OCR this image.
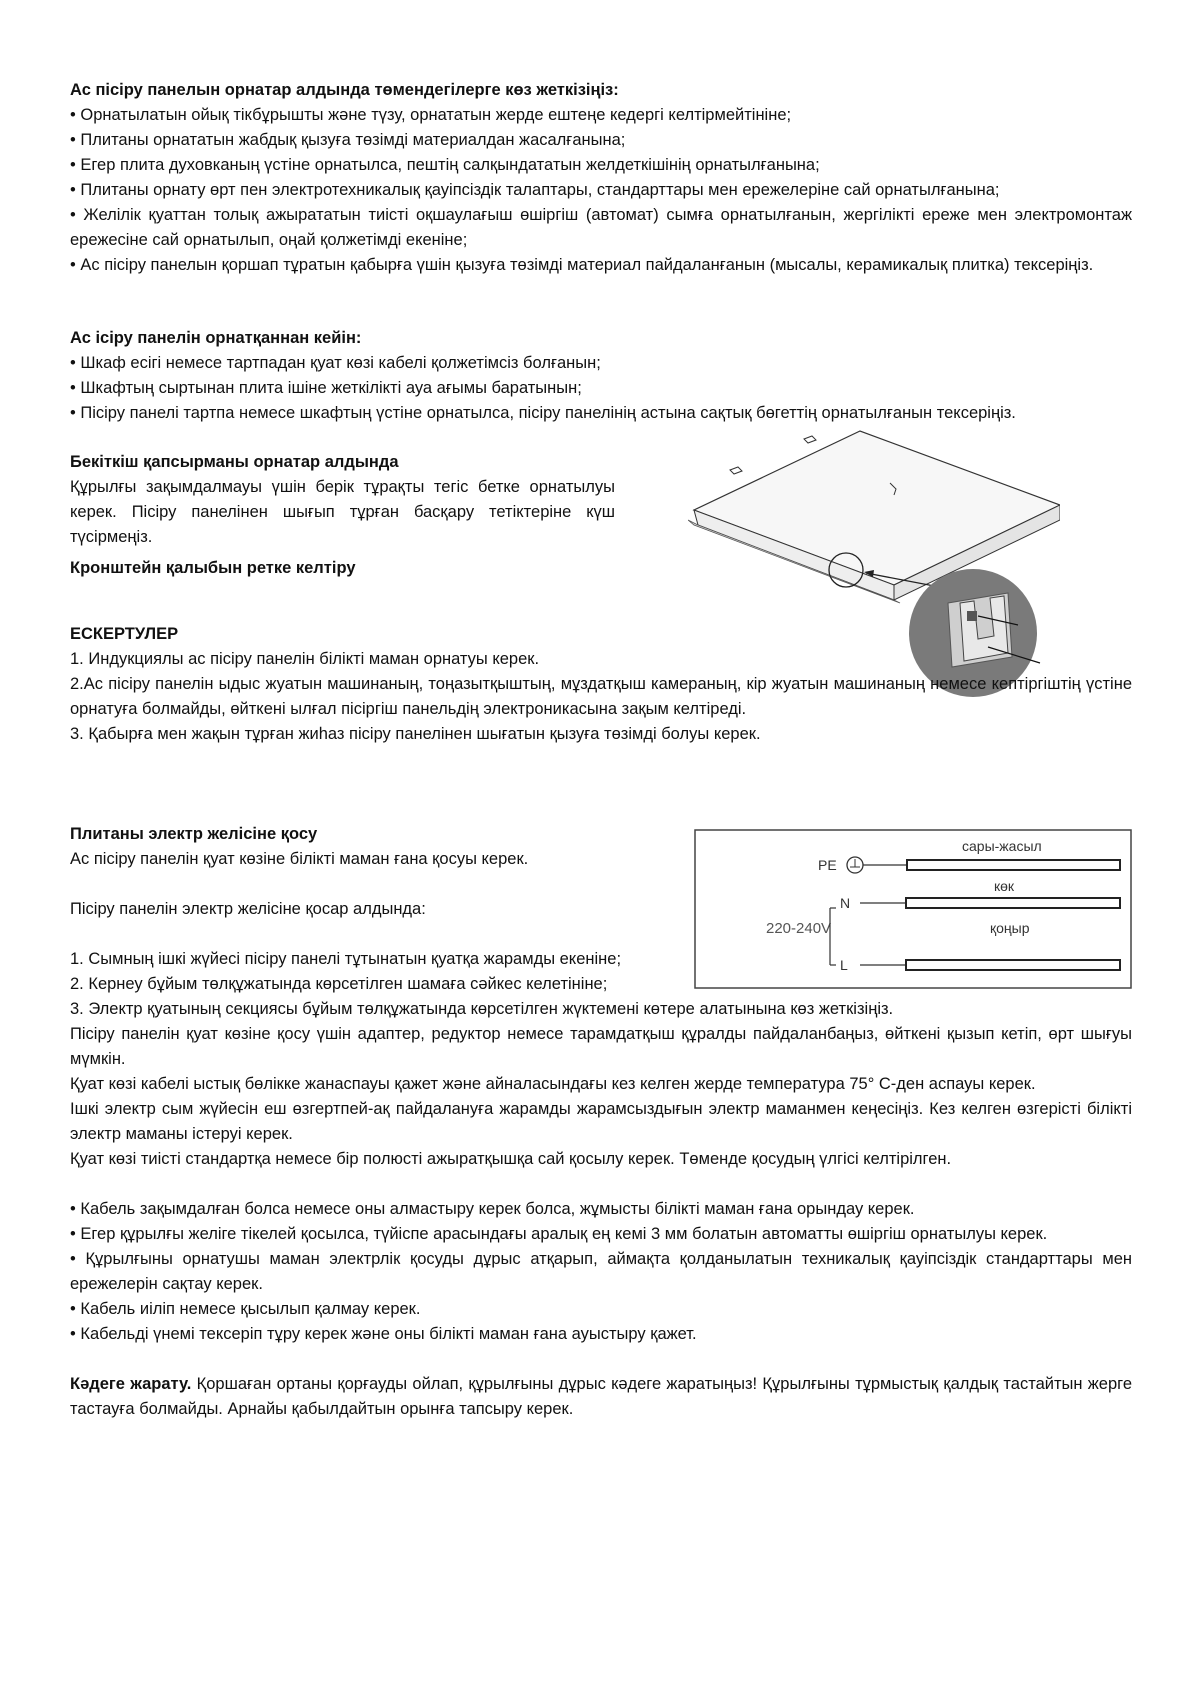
Ас пісіру панелын орнатар алдында төмендегілерге көз жеткізіңіз:

• Орнатылатын ойық тікбұрышты және түзу, орнататын жерде ештеңе кедергі келтірмейтініне;

• Плитаны орнататын жабдық қызуға төзімді материалдан жасалғанына;

• Егер плита духовканың үстіне орнатылса, пештің салқындататын желдеткішінің орнатылғанына;

• Плитаны орнату өрт пен электротехникалық қауіпсіздік талаптары, стандарттары мен ережелеріне сай орнатылғанына;

• Желілік қуаттан толық ажырататын тиісті оқшаулағыш өшіргіш (автомат) сымға орнатылғанын, жергілікті ереже мен электромонтаж ережесіне сай орнатылып, оңай қолжетімді екеніне;

• Ас пісіру панелын қоршап тұратын қабырға үшін қызуға төзімді материал пайдаланғанын (мысалы, керамикалық плитка) тексеріңіз.

Ас ісіру панелін орнатқаннан кейін:

• Шкаф есігі немесе тартпадан қуат көзі кабелі қолжетімсіз болғанын;

• Шкафтың сыртынан плита ішіне жеткілікті ауа ағымы баратынын;

• Пісіру панелі тартпа немесе шкафтың үстіне орнатылса, пісіру панелінің астына сақтық бөгеттің орнатылғанын тексеріңіз.

Бекіткіш қапсырманы орнатар алдында

Құрылғы зақымдалмауы үшін берік тұрақты тегіс бетке орнатылуы керек. Пісіру панелінен шығып тұрған басқару тетіктеріне күш түсірмеңіз.

Кронштейн қалыбын ретке келтіру

ЕСКЕРТУЛЕР

1. Индукциялы ас пісіру панелін білікті маман орнатуы керек.

2.Ас пісіру панелін ыдыс жуатын машинаның, тоңазытқыштың, мұздатқыш камераның, кір жуатын машинаның немесе кептіргіштің үстіне орнатуға болмайды, өйткені ылғал пісіргіш панельдің электроникасына зақым келтіреді.

3. Қабырға мен жақын тұрған жиһаз пісіру панелінен шығатын қызуға төзімді болуы керек.

Плитаны электр желісіне қосу

Ас пісіру панелін қуат көзіне білікті маман ғана қосуы керек.

Пісіру панелін электр желісіне қосар алдында:

1. Сымның ішкі жүйесі пісіру панелі тұтынатын қуатқа жарамды екеніне;

2. Кернеу бұйым төлқұжатында көрсетілген шамаға сәйкес келетініне;

3. Электр қуатының секциясы бұйым төлқұжатында көрсетілген жүктемені көтере алатынына көз жеткізіңіз.

Пісіру панелін қуат көзіне қосу үшін адаптер, редуктор немесе тарамдатқыш құралды пайдаланбаңыз, өйткені қызып кетіп, өрт шығуы мүмкін.

Қуат көзі кабелі ыстық бөлікке жанаспауы қажет және айналасындағы кез келген жерде температура 75° С-ден аспауы керек.

Ішкі электр сым жүйесін еш өзгертпей-ақ пайдалануға жарамды жарамсыздығын электр маманмен кеңесіңіз. Кез келген өзгерісті білікті электр маманы істеруі керек.

Қуат көзі тиісті стандартқа немесе бір полюсті ажыратқышқа сай қосылу керек. Төменде қосудың үлгісі келтірілген.

• Кабель зақымдалған болса немесе оны алмастыру керек болса, жұмысты білікті маман ғана орындау керек.

• Егер құрылғы желіге тікелей қосылса, түйіспе арасындағы аралық ең кемі 3 мм болатын автоматты өшіргіш орнатылуы керек.

• Құрылғыны орнатушы маман электрлік қосуды дұрыс атқарып, аймақта қолданылатын техникалық қауіпсіздік стандарттары мен ережелерін сақтау керек.

• Кабель иіліп немесе қысылып қалмау керек.

• Кабельді үнемі тексеріп тұру керек және оны білікті маман ғана ауыстыру қажет.

Кәдеге жарату. Қоршаған ортаны қорғауды ойлап, құрылғыны дұрыс кәдеге жаратыңыз! Құрылғыны тұрмыстық қалдық тастайтын жерге тастауға болмайды. Арнайы қабылдайтын орынға тапсыру керек.

сары-жасыл
PE
көк
N
220-240V	қоңыр
L
